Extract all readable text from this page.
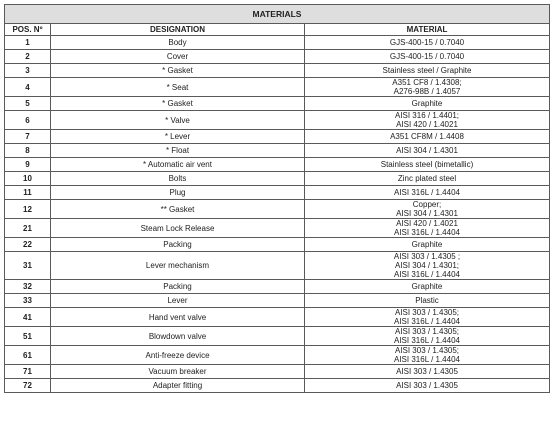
MATERIALS		
POS. Nº	DESIGNATION	MATERIAL
1	Body	GJS-400-15 / 0.7040

2	Cover	GJS-400-15 / 0.7040

3	* Gasket	Stainless steel / Graphite

4	* Seat	A351 CF8 / 1.4308;
A276-98B / 1.4057

5	* Gasket	Graphite

6	* Valve	AISI 316 / 1.4401;
AISI 420 / 1.4021

7	* Lever	A351 CF8M / 1.4408

8	* Float	AISI 304 / 1.4301

9	* Automatic air vent	Stainless steel (bimetallic)

10	Bolts	Zinc plated steel

11	Plug	AISI 316L / 1.4404

12	** Gasket	Copper;
AISI 304 / 1.4301

21	Steam Lock Release	AISI 420 / 1.4021
AISI 316L / 1.4404

22	Packing	Graphite

31	Lever mechanism	AISI 303 / 1.4305 ;
AISI 304 / 1.4301;
AISI 316L / 1.4404

32	Packing	Graphite

33	Lever	Plastic

41	Hand vent valve	AISI 303 / 1.4305;
AISI 316L / 1.4404

51	Blowdown valve	AISI 303 / 1.4305;
AISI 316L / 1.4404

61	Anti-freeze device	AISI 303 / 1.4305;
AISI 316L / 1.4404

71	Vacuum breaker	AISI 303 / 1.4305

72	Adapter fitting	AISI 303 / 1.4305
